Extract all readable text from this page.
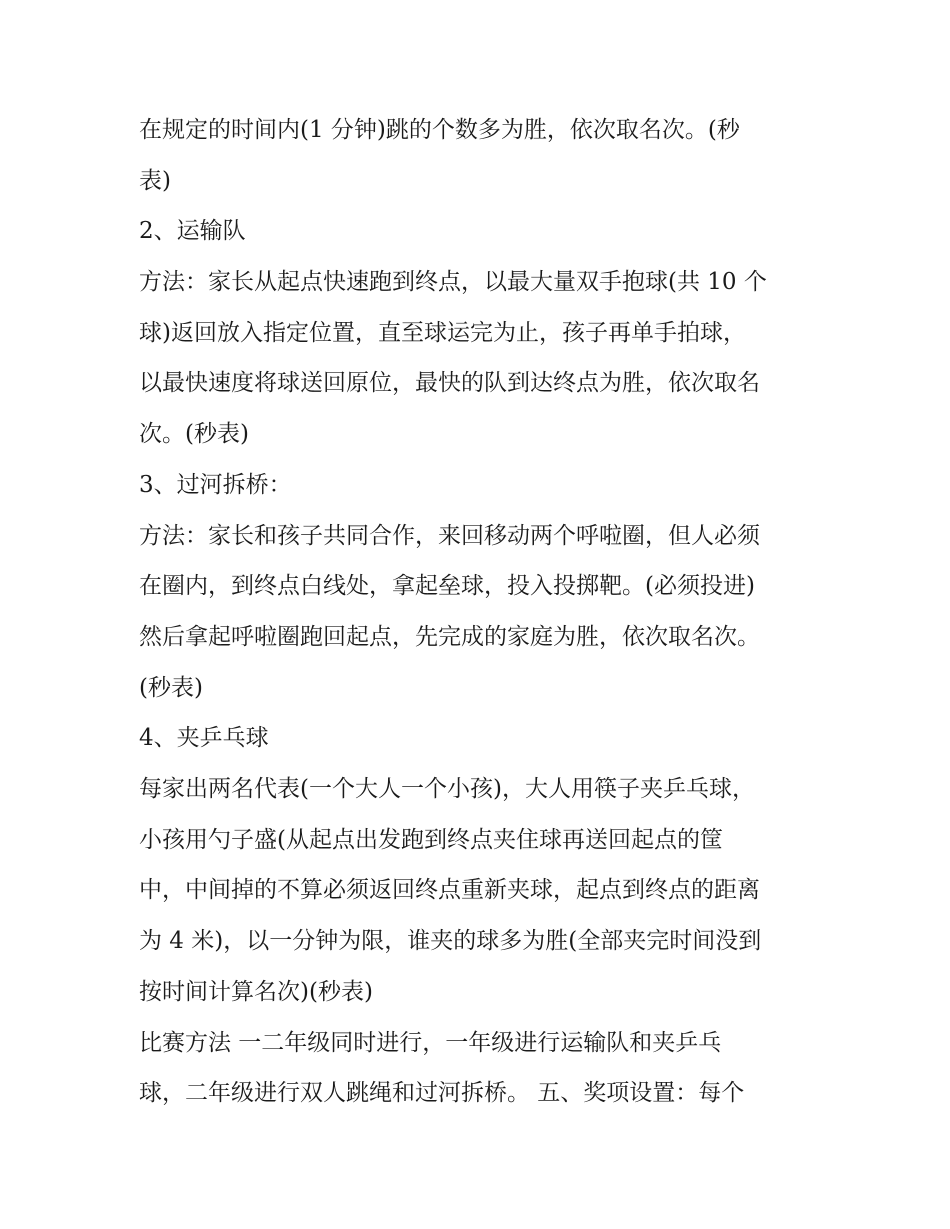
在规定的时间内(1 分钟)跳的个数多为胜，依次取名次。(秒

表)

2、运输队

方法：家长从起点快速跑到终点，以最大量双手抱球(共 10 个

球)返回放入指定位置，直至球运完为止，孩子再单手拍球，

以最快速度将球送回原位，最快的队到达终点为胜，依次取名

次。(秒表)

3、过河拆桥：

方法：家长和孩子共同合作，来回移动两个呼啦圈，但人必须

在圈内，到终点白线处，拿起垒球，投入投掷靶。(必须投进)

然后拿起呼啦圈跑回起点，先完成的家庭为胜，依次取名次。

(秒表)

4、夹乒乓球

每家出两名代表(一个大人一个小孩)，大人用筷子夹乒乓球，

小孩用勺子盛(从起点出发跑到终点夹住球再送回起点的筐

中，中间掉的不算必须返回终点重新夹球，起点到终点的距离

为 4 米)，以一分钟为限，谁夹的球多为胜(全部夹完时间没到

按时间计算名次)(秒表)

比赛方法 一二年级同时进行，一年级进行运输队和夹乒乓

球，二年级进行双人跳绳和过河拆桥。 五、奖项设置：每个
